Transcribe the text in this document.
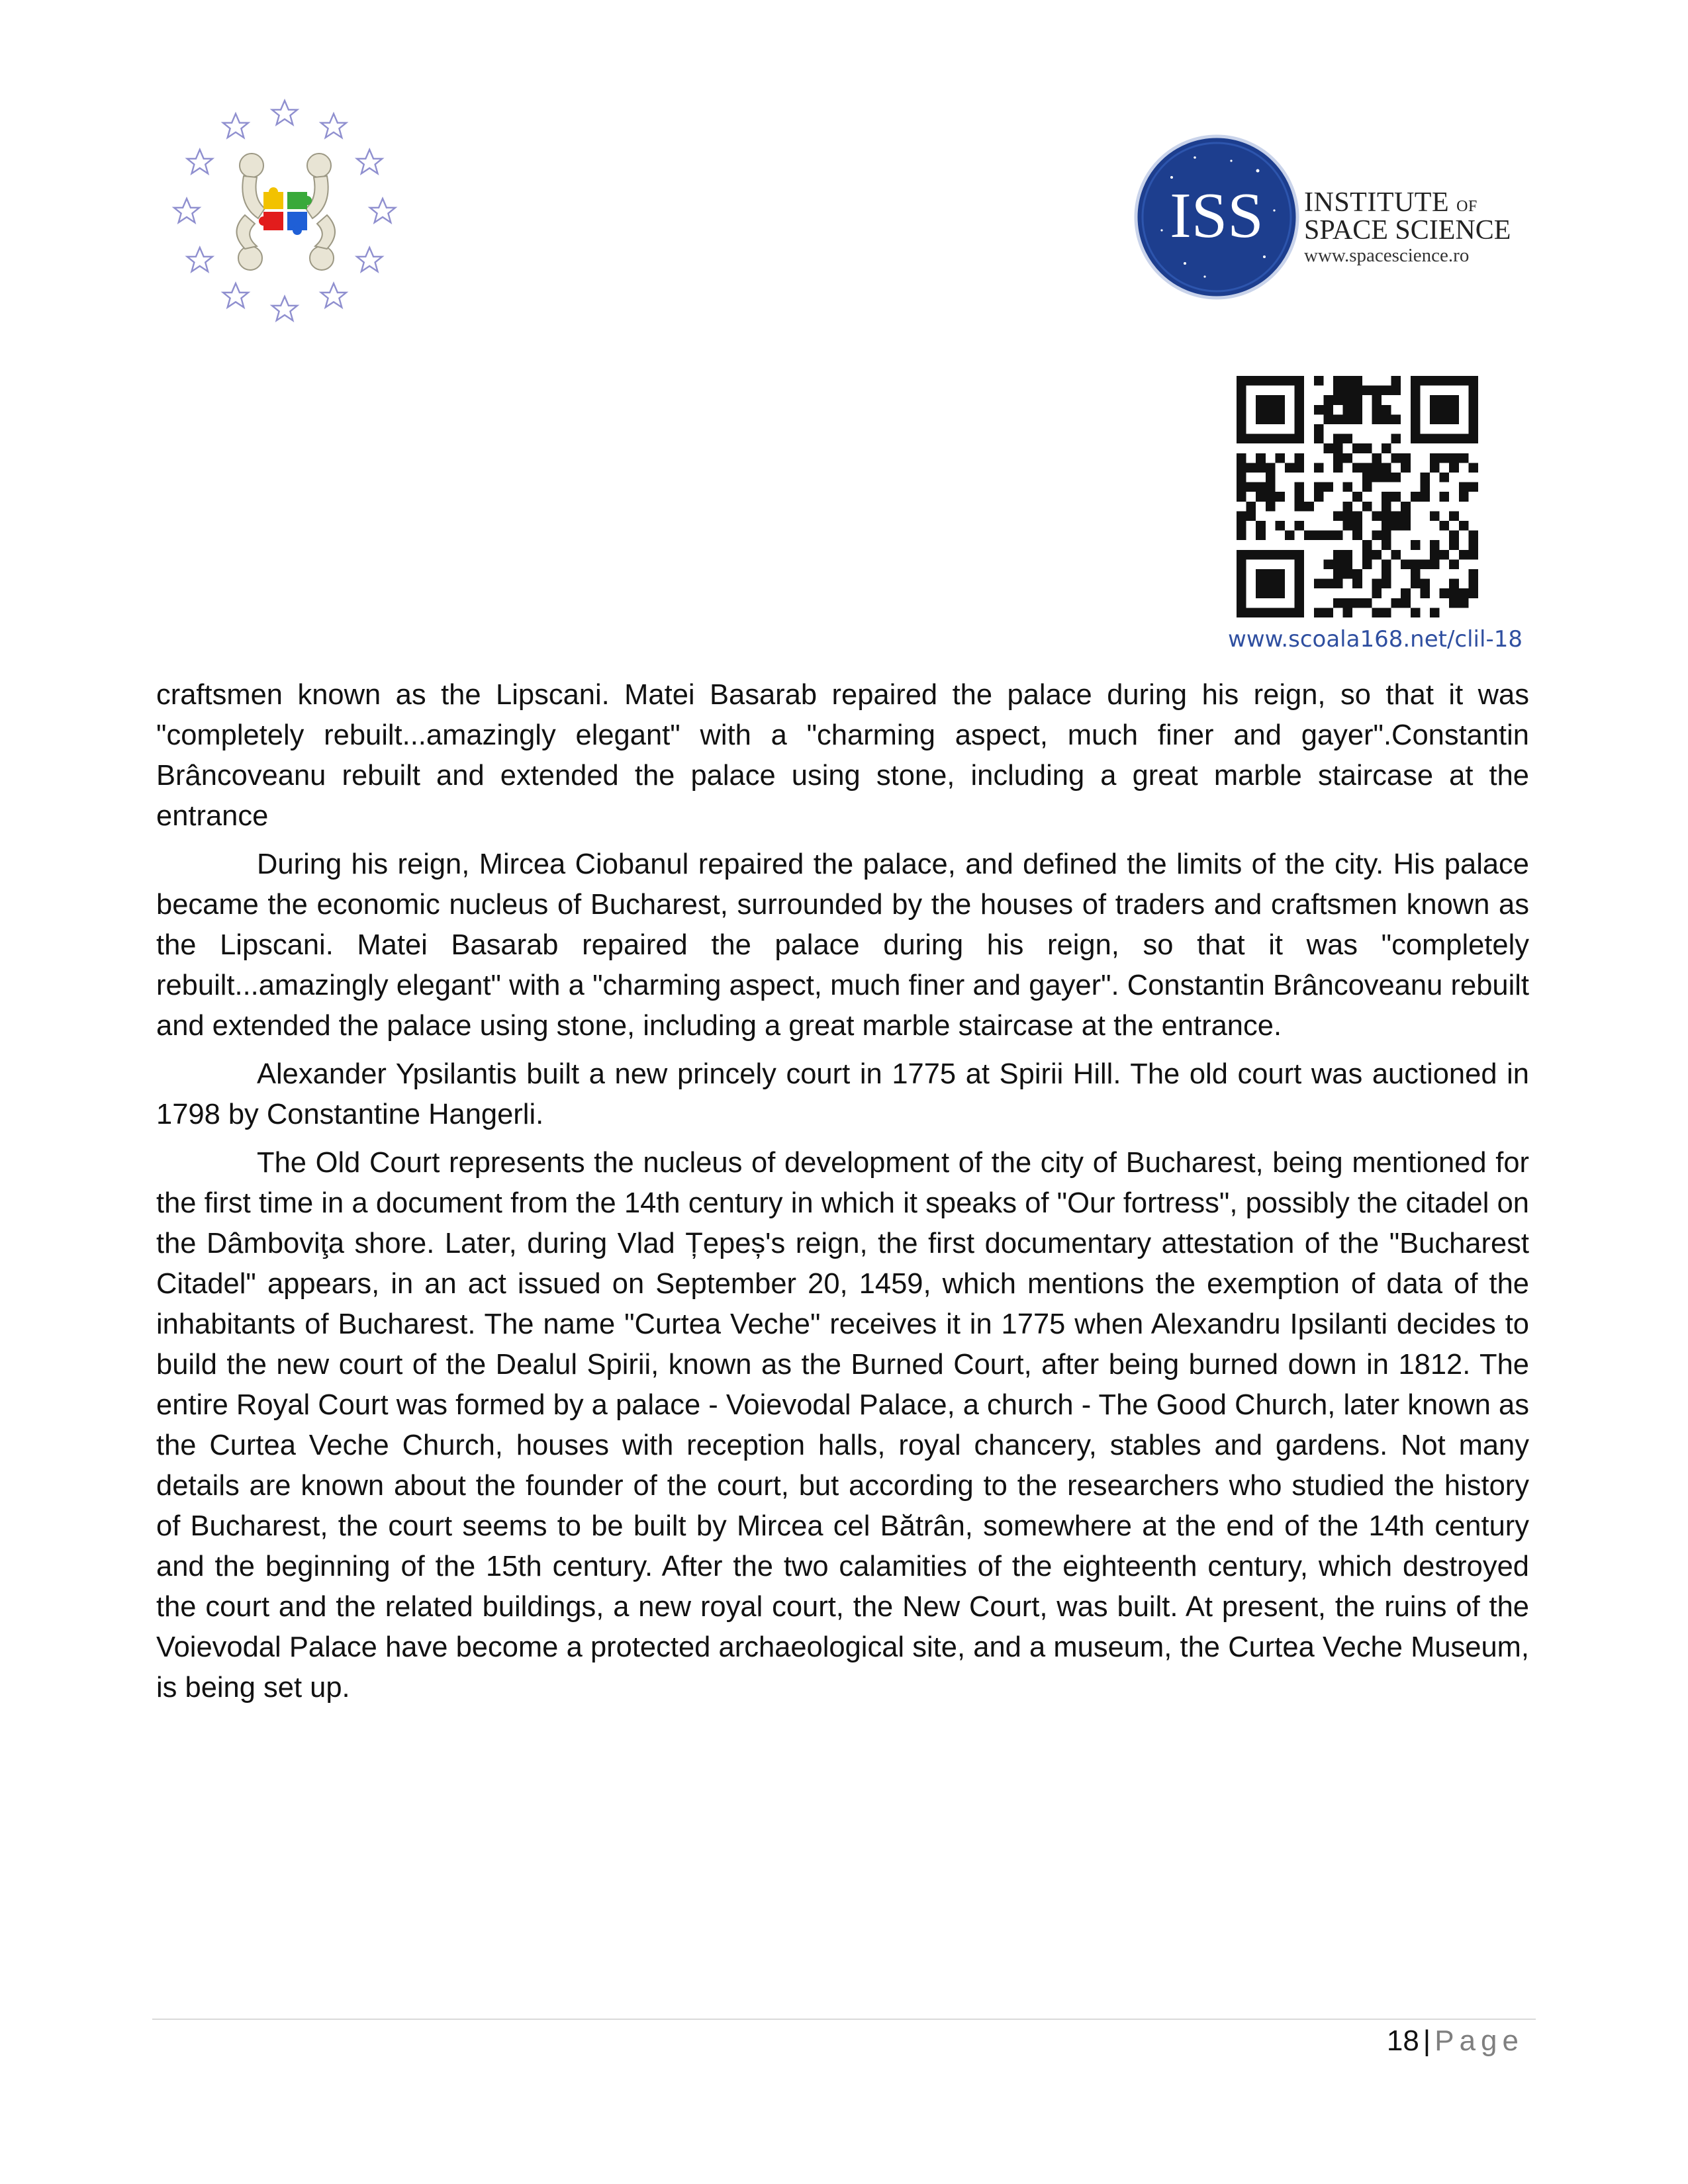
ISS INSTITUTE OF
SPACE SCIENCE
www.spacescience.ro
www.scoala168.net/clil-18

craftsmen known as the Lipscani. Matei Basarab repaired the palace during his reign, so that it was "completely rebuilt...amazingly elegant" with a "charming aspect, much finer and gayer".Constantin Brâncoveanu rebuilt and extended the palace using stone, including a great marble staircase at the entrance

During his reign, Mircea Ciobanul repaired the palace, and defined the limits of the city. His palace became the economic nucleus of Bucharest, surrounded by the houses of traders and craftsmen known as the Lipscani. Matei Basarab repaired the palace during his reign, so that it was "completely rebuilt...amazingly elegant" with a "charming aspect, much finer and gayer". Constantin Brâncoveanu rebuilt and extended the palace using stone, including a great marble staircase at the entrance.

Alexander Ypsilantis built a new princely court in 1775 at Spirii Hill. The old court was auctioned in 1798 by Constantine Hangerli.

The Old Court represents the nucleus of development of the city of Bucharest, being mentioned for the first time in a document from the 14th century in which it speaks of "Our fortress", possibly the citadel on the Dâmboviţa shore. Later, during Vlad Țepeș's reign, the first documentary attestation of the "Bucharest Citadel" appears, in an act issued on September 20, 1459, which mentions the exemption of data of the inhabitants of Bucharest. The name "Curtea Veche" receives it in 1775 when Alexandru Ipsilanti decides to build the new court of the Dealul Spirii, known as the Burned Court, after being burned down in 1812. The entire Royal Court was formed by a palace - Voievodal Palace, a church - The Good Church, later known as the Curtea Veche Church, houses with reception halls, royal chancery, stables and gardens. Not many details are known about the founder of the court, but according to the researchers who studied the history of Bucharest, the court seems to be built by Mircea cel Bătrân, somewhere at the end of the 14th century and the beginning of the 15th century. After the two calamities of the eighteenth century, which destroyed the court and the related buildings, a new royal court, the New Court, was built. At present, the ruins of the Voievodal Palace have become a protected archaeological site, and a museum, the Curtea Veche Museum, is being set up.

18 | Page
